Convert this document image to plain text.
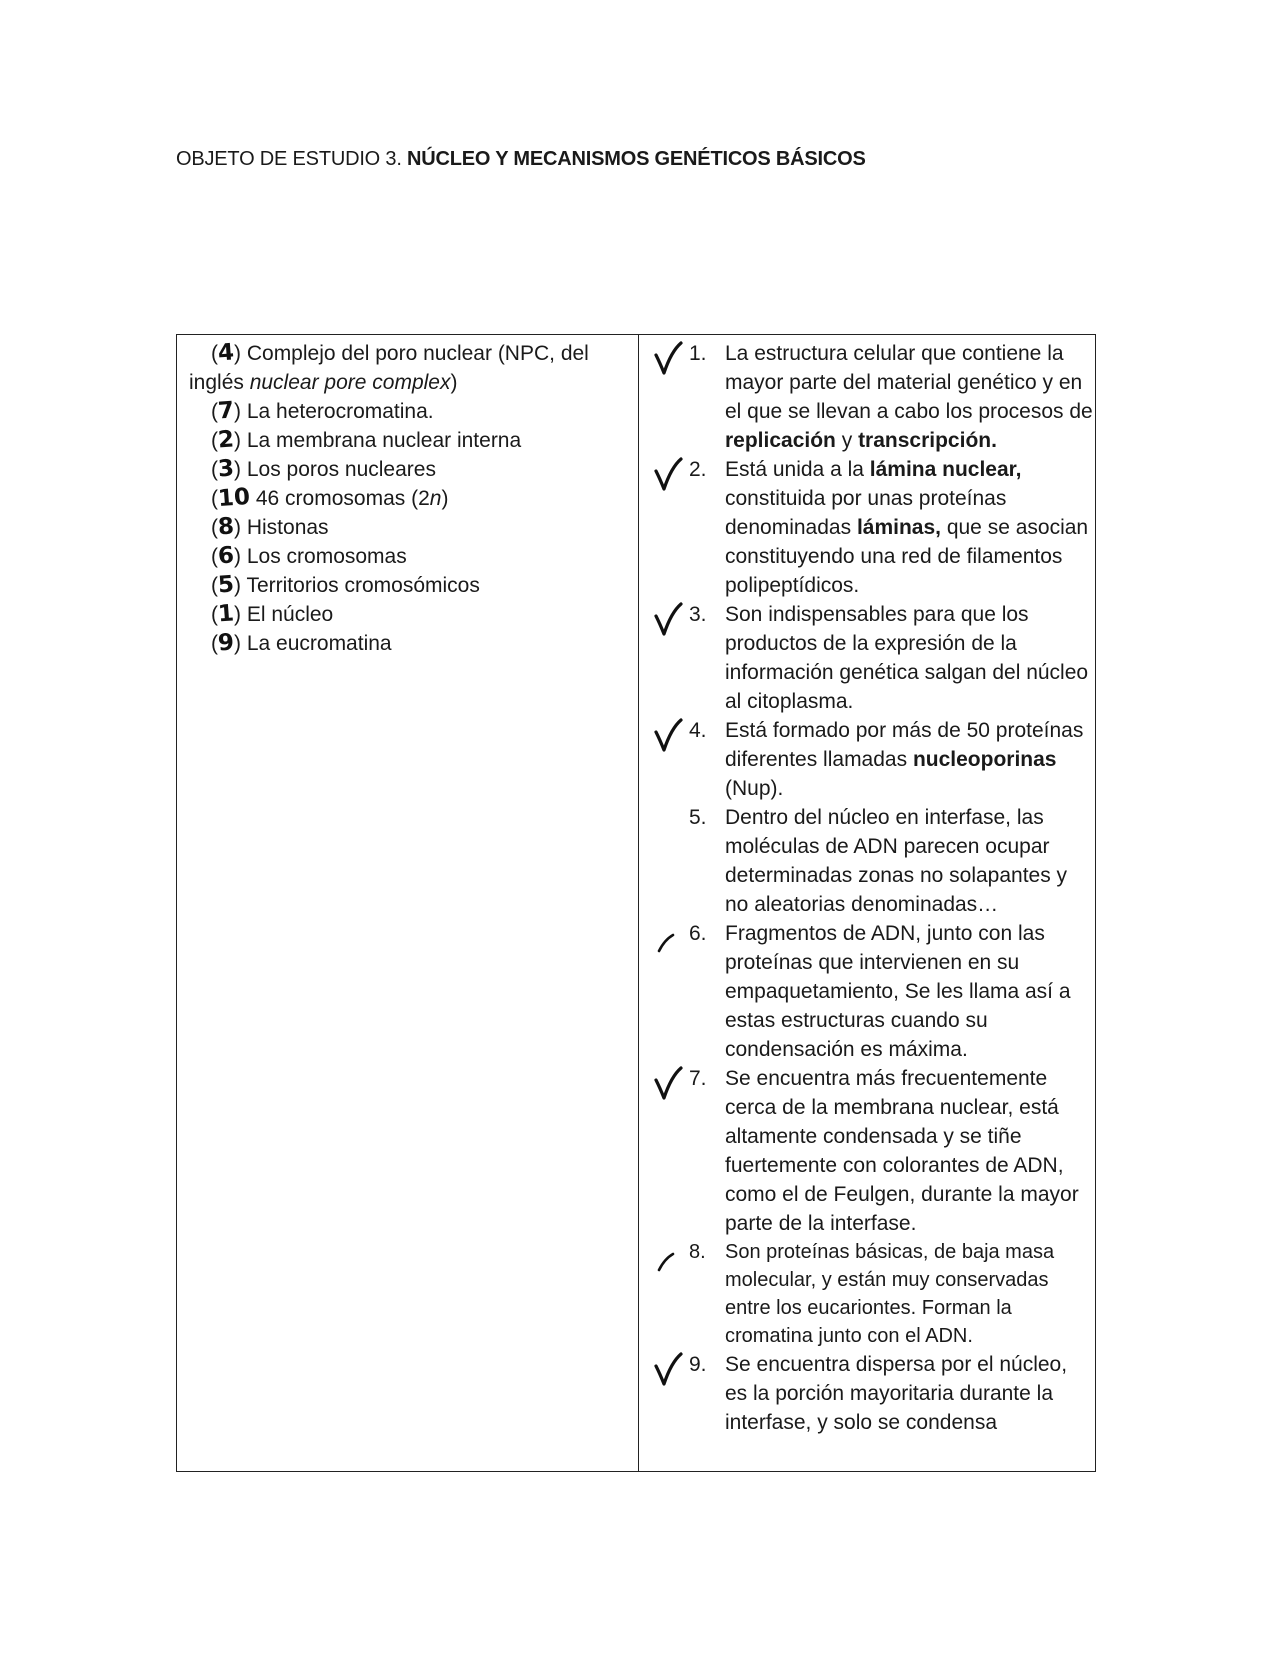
OBJETO DE ESTUDIO 3. NÚCLEO Y MECANISMOS GENÉTICOS BÁSICOS
(4) Complejo del poro nuclear (NPC, del
inglés nuclear pore complex)
(7) La heterocromatina.
(2) La membrana nuclear interna
(3) Los poros nucleares
(10 46 cromosomas (2n)
(8) Histonas
(6) Los cromosomas
(5) Territorios cromosómicos
(1) El núcleo
(9) La eucromatina
1. La estructura celular que contiene la mayor parte del material genético y en el que se llevan a cabo los procesos de replicación y transcripción.
2. Está unida a la lámina nuclear, constituida por unas proteínas denominadas láminas, que se asocian constituyendo una red de filamentos polipeptídicos.
3. Son indispensables para que los productos de la expresión de la información genética salgan del núcleo al citoplasma.
4. Está formado por más de 50 proteínas diferentes llamadas nucleoporinas (Nup).
5. Dentro del núcleo en interfase, las moléculas de ADN parecen ocupar determinadas zonas no solapantes y no aleatorias denominadas…
6. Fragmentos de ADN, junto con las proteínas que intervienen en su empaquetamiento, Se les llama así a estas estructuras cuando su condensación es máxima.
7. Se encuentra más frecuentemente cerca de la membrana nuclear, está altamente condensada y se tiñe fuertemente con colorantes de ADN, como el de Feulgen, durante la mayor parte de la interfase.
8. Son proteínas básicas, de baja masa molecular, y están muy conservadas entre los eucariontes. Forman la cromatina junto con el ADN.
9. Se encuentra dispersa por el núcleo, es la porción mayoritaria durante la interfase, y solo se condensa
